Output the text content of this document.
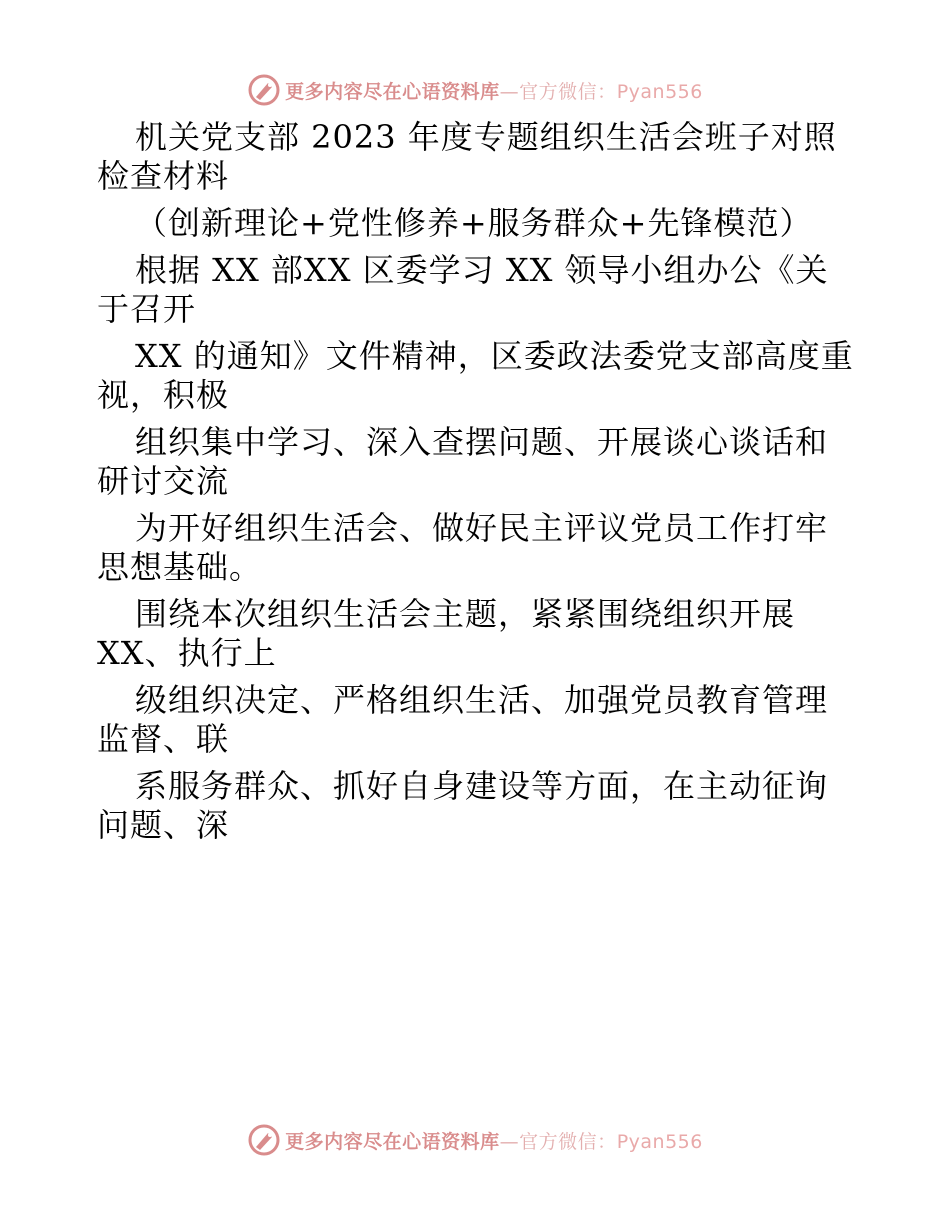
更多内容尽在心语资料库—官方微信：Pyan556

机关党支部 2023 年度专题组织生活会班子对照检查材料

（创新理论+党性修养+服务群众+先锋模范）

根据 XX 部XX 区委学习 XX 领导小组办公《关于召开

XX 的通知》文件精神，区委政法委党支部高度重视，积极

组织集中学习、深入查摆问题、开展谈心谈话和研讨交流

为开好组织生活会、做好民主评议党员工作打牢思想基础。

围绕本次组织生活会主题，紧紧围绕组织开展 XX、执行上

级组织决定、严格组织生活、加强党员教育管理监督、联

系服务群众、抓好自身建设等方面，在主动征询问题、深

更多内容尽在心语资料库—官方微信：Pyan556
